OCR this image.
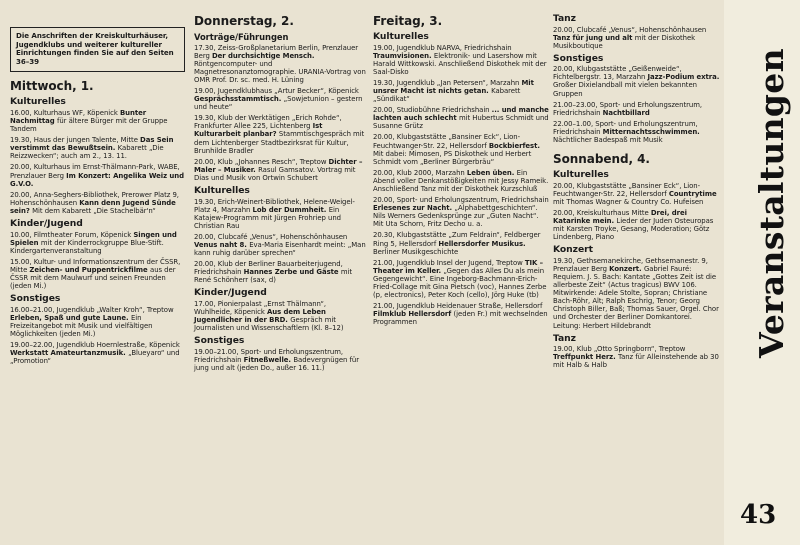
Die Anschriften der Kreiskulturhäuser, Jugendklubs und weiterer kultureller Einrichtungen finden Sie auf den Seiten 36–39
Mittwoch, 1.
Kulturelles
16.00, Kulturhaus WF, Köpenick Bunter Nachmittag für ältere Bürger mit der Gruppe Tandem
19.30, Haus der jungen Talente, Mitte Das Sein verstimmt das Bewußtsein. Kabarett „Die Reizzwecken“; auch am 2., 13. 11.
20.00, Kulturhaus im Ernst-Thälmann-Park, WABE, Prenzlauer Berg Im Konzert: Angelika Weiz und G.V.O.
20.00, Anna-Seghers-Bibliothek, Prerower Platz 9, Hohenschönhausen Kann denn Jugend Sünde sein? Mit dem Kabarett „Die Stachelbär'n“
Kinder/Jugend
10.00, Filmtheater Forum, Köpenick Singen und Spielen mit der Kinderrockgruppe Blue-Stift. Kindergartenveranstaltung
15.00, Kultur- und Informationszentrum der ČSSR, Mitte Zeichen- und Puppentrickfilme aus der ČSSR mit dem Maulwurf und seinen Freunden (jeden Mi.)
Sonstiges
16.00–21.00, Jugendklub „Walter Kroh“, Treptow Erleben, Spaß und gute Laune. Ein Freizeitangebot mit Musik und vielfältigen Möglichkeiten (jeden Mi.)
19.00–22.00, Jugendklub Hoernlestraße, Köpenick Werkstatt Amateurtanzmusik. „Blueyaro“ und „Promotion“
Donnerstag, 2.
Vorträge/Führungen
17.30, Zeiss-Großplanetarium Berlin, Prenzlauer Berg Der durchsichtige Mensch. Röntgencomputer- und Magnetresonanztomographie. URANIA-Vortrag von OMR Prof. Dr. sc. med. H. Lüning
19.00, Jugendklubhaus „Artur Becker“, Köpenick Gesprächsstammtisch. „Sowjetunion – gestern und heute“
19.30, Klub der Werktätigen „Erich Rohde“, Frankfurter Allee 225, Lichtenberg Ist Kulturarbeit planbar? Stammtischgespräch mit dem Lichtenberger Stadtbezirksrat für Kultur, Brunhilde Bradler
20.00, Klub „Johannes Resch“, Treptow Dichter – Maler – Musiker. Rasul Gamsatov. Vortrag mit Dias und Musik von Ortwin Schubert
Kulturelles
19.30, Erich-Weinert-Bibliothek, Helene-Weigel-Platz 4, Marzahn Lob der Dummheit. Ein Katajew-Programm mit Jürgen Frohriep und Christian Rau
20.00, Clubcafé „Venus“, Hohenschönhausen Venus naht 8. Eva-Maria Eisenhardt meint: „Man kann ruhig darüber sprechen“
20.00, Klub der Berliner Bauarbeiterjugend, Friedrichshain Hannes Zerbe und Gäste mit René Schönherr (sax, d)
Kinder/Jugend
17.00, Pionierpalast „Ernst Thälmann“, Wuhlheide, Köpenick Aus dem Leben Jugendlicher in der BRD. Gespräch mit Journalisten und Wissenschaftlern (Kl. 8–12)
Sonstiges
19.00–21.00, Sport- und Erholungszentrum, Friedrichshain Fitneßwelle. Badevergnügen für jung und alt (jeden Do., außer 16. 11.)
Freitag, 3.
Kulturelles
19.00, Jugendklub NARVA, Friedrichshain Traumvisionen. Elektronik- und Lasershow mit Harald Wittkowski. Anschließend Diskothek mit der Saal-Disko
19.30, Jugendklub „Jan Petersen“, Marzahn Mit unsrer Macht ist nichts getan. Kabarett „Sündikat“
20.00, Studiobühne Friedrichshain ... und manche lachten auch schlecht mit Hubertus Schmidt und Susanne Grütz
20.00, Klubgaststätte „Bansiner Eck“, Lion-Feuchtwanger-Str. 22, Hellersdorf Bockbierfest. Mit dabei: Mimosen, PS Diskothek und Herbert Schmidt vom „Berliner Bürgerbräu“
20.00, Klub 2000, Marzahn Leben üben. Ein Abend voller Denkanstößigkeiten mit Jessy Rameik. Anschließend Tanz mit der Diskothek Kurzschluß
20.00, Sport- und Erholungszentrum, Friedrichshain Erlesenes zur Nacht. „Alphabettgeschichten“. Nils Werners Gedenksprünge zur „Guten Nacht“. Mit Uta Schorn, Fritz Decho u. a.
20.30, Klubgaststätte „Zum Feldrain“, Feldberger Ring 5, Hellersdorf Hellersdorfer Musikus. Berliner Musikgeschichte
21.00, Jugendklub Insel der Jugend, Treptow TIK – Theater im Keller. „Gegen das Alles Du als mein Gegengewicht“. Eine Ingeborg-Bachmann-Erich-Fried-Collage mit Gina Pietsch (voc), Hannes Zerbe (p, electronics), Peter Koch (cello), Jörg Huke (tb)
21.00, Jugendklub Heidenauer Straße, Hellersdorf Filmklub Hellersdorf (jeden Fr.) mit wechselnden Programmen
Tanz
20.00, Clubcafé „Venus“, Hohenschönhausen Tanz für jung und alt mit der Diskothek Musikboutique
Sonstiges
20.00, Klubgaststätte „Geißenweide“, Fichtelbergstr. 13, Marzahn Jazz-Podium extra. Großer Dixielandball mit vielen bekannten Gruppen
21.00–23.00, Sport- und Erholungszentrum, Friedrichshain Nachtbillard
22.00–1.00, Sport- und Erholungszentrum, Friedrichshain Mitternachtsschwimmen. Nächtlicher Badespaß mit Musik
Sonnabend, 4.
Kulturelles
20.00, Klubgaststätte „Bansiner Eck“, Lion-Feuchtwanger-Str. 22, Hellersdorf Countrytime mit Thomas Wagner & Country Co. Hufeisen
20.00, Kreiskulturhaus Mitte Drei, drei Katarinke mein. Lieder der Juden Osteuropas mit Karsten Troyke, Gesang, Moderation; Götz Lindenberg, Piano
Konzert
19.30, Gethsemanekirche, Gethsemanestr. 9, Prenzlauer Berg Konzert. Gabriel Fauré: Requiem. J. S. Bach: Kantate „Gottes Zeit ist die allerbeste Zeit“ (Actus tragicus) BWV 106. Mitwirkende: Adele Stolte, Sopran; Christiane Bach-Röhr, Alt; Ralph Eschrig, Tenor; Georg Christoph Biller, Baß; Thomas Sauer, Orgel. Chor und Orchester der Berliner Domkantorei. Leitung: Herbert Hildebrandt
Tanz
19.00, Klub „Otto Springborn“, Treptow Treffpunkt Herz. Tanz für Alleinstehende ab 30 mit Halb & Halb
Veranstaltungen
43
